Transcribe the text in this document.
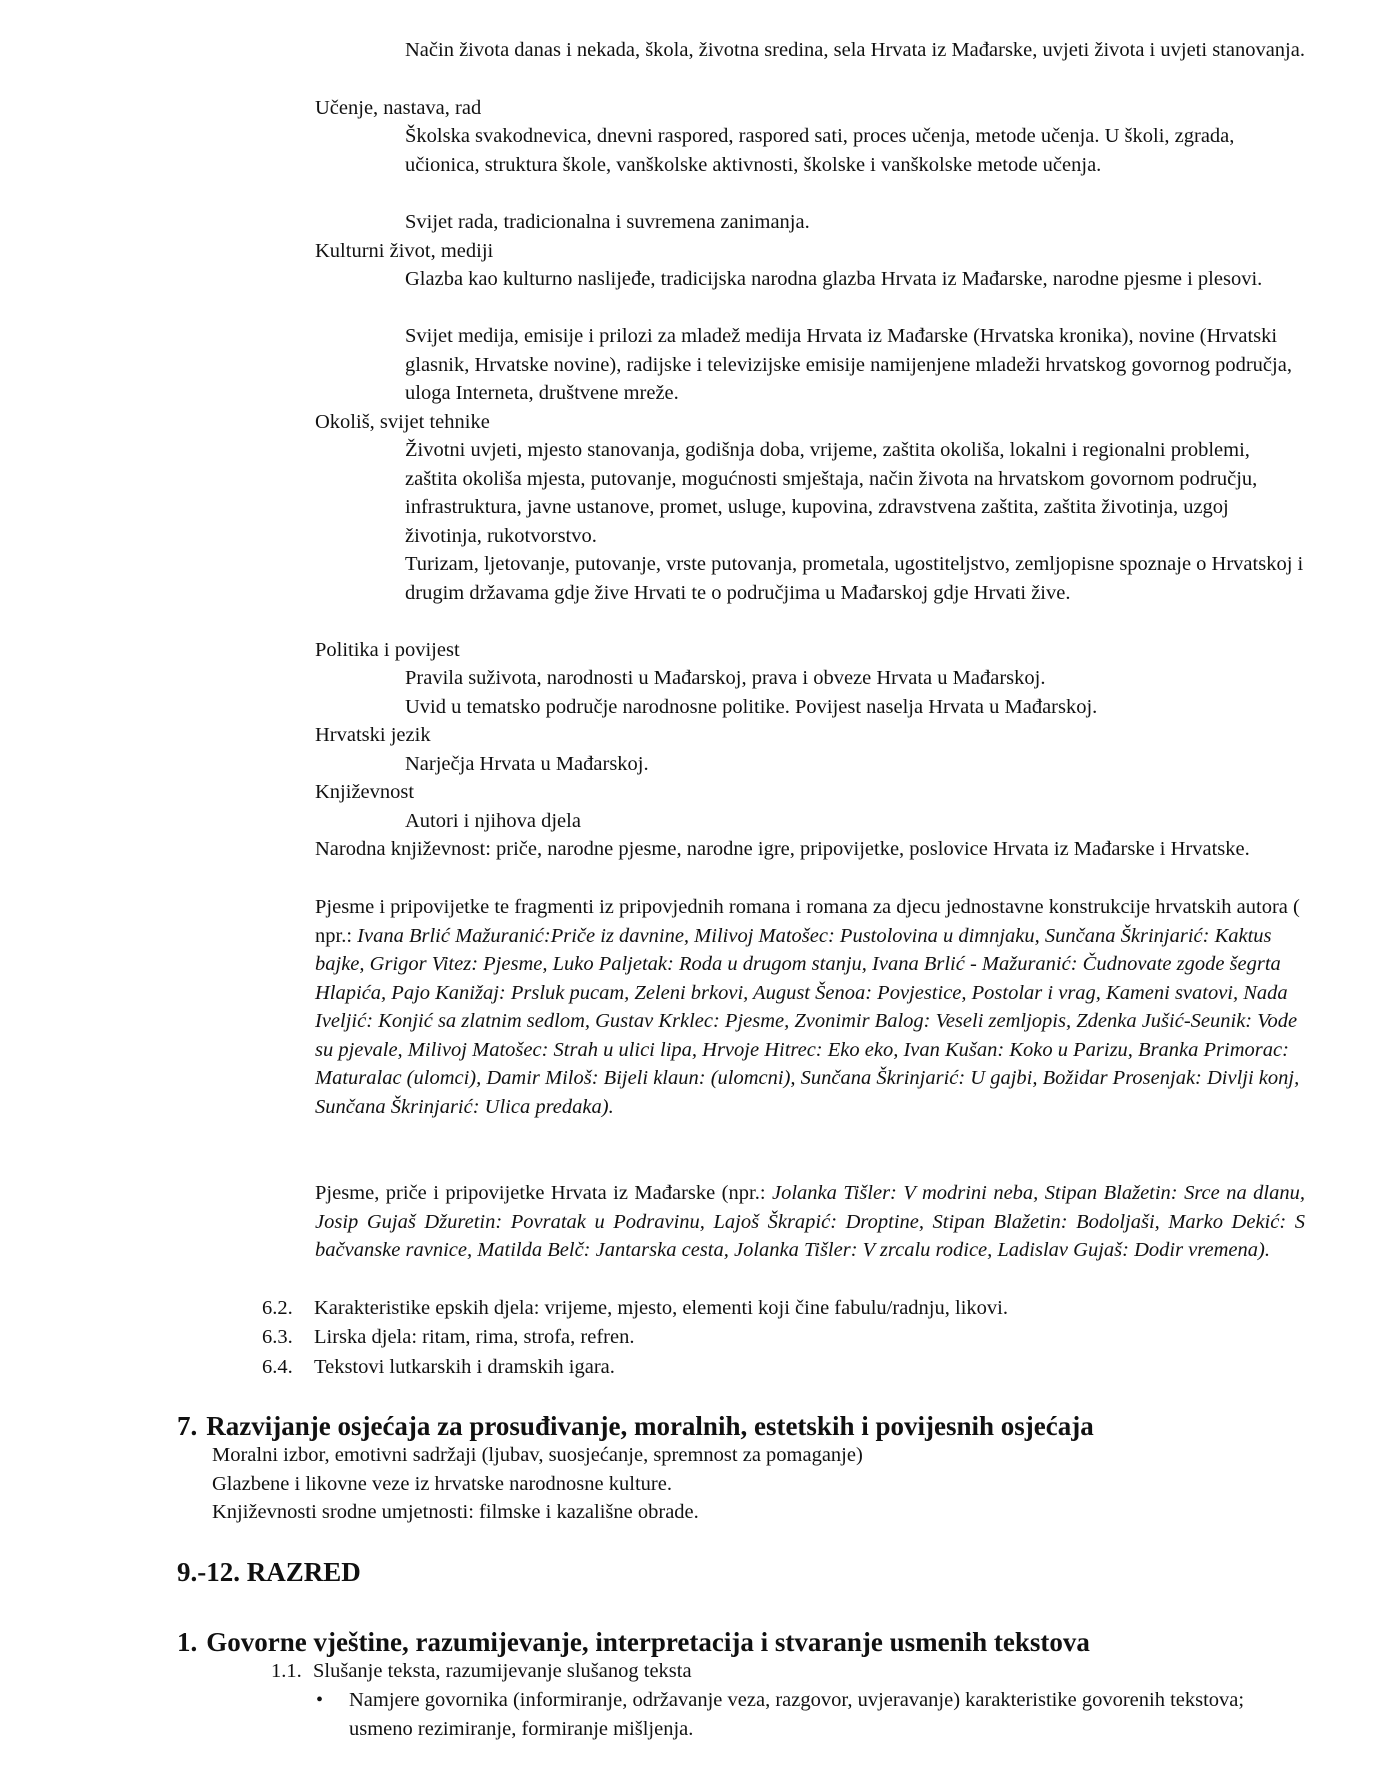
Način života danas i nekada, škola, životna sredina, sela Hrvata iz Mađarske, uvjeti života i uvjeti stanovanja.

Učenje, nastava, rad

Školska svakodnevica, dnevni raspored, raspored sati, proces učenja, metode učenja. U školi, zgrada, učionica, struktura škole, vanškolske aktivnosti, školske i vanškolske metode učenja.

Svijet rada, tradicionalna i suvremena zanimanja.

Kulturni život, mediji

Glazba kao kulturno naslijeđe, tradicijska narodna glazba Hrvata iz Mađarske, narodne pjesme i plesovi.

Svijet medija, emisije i prilozi za mladež medija Hrvata iz Mađarske (Hrvatska kronika), novine (Hrvatski glasnik, Hrvatske novine), radijske i televizijske emisije namijenjene mladeži hrvatskog govornog područja, uloga Interneta, društvene mreže.

Okoliš, svijet tehnike

Životni uvjeti, mjesto stanovanja, godišnja doba, vrijeme, zaštita okoliša, lokalni i regionalni problemi, zaštita okoliša mjesta, putovanje, mogućnosti smještaja, način života na hrvatskom govornom području, infrastruktura, javne ustanove, promet, usluge, kupovina, zdravstvena zaštita, zaštita životinja, uzgoj životinja, rukotvorstvo.

Turizam, ljetovanje, putovanje, vrste putovanja, prometala, ugostiteljstvo, zemljopisne spoznaje o Hrvatskoj i drugim državama gdje žive Hrvati te o područjima u Mađarskoj gdje Hrvati žive.

Politika i povijest

Pravila suživota, narodnosti u Mađarskoj, prava i obveze Hrvata u Mađarskoj.

Uvid u tematsko područje narodnosne politike. Povijest naselja Hrvata u Mađarskoj.

Hrvatski jezik

Narječja Hrvata u Mađarskoj.

Književnost

Autori i njihova djela

Narodna književnost: priče, narodne pjesme, narodne igre, pripovijetke, poslovice Hrvata iz Mađarske i Hrvatske.

Pjesme i pripovijetke te fragmenti iz pripovjednih romana i romana za djecu jednostavne konstrukcije hrvatskih autora ( npr.: Ivana Brlić Mažuranić:Priče iz davnine, Milivoj Matošec: Pustolovina u dimnjaku, Sunčana Škrinjarić: Kaktus bajke, Grigor Vitez: Pjesme, Luko Paljetak: Roda u drugom stanju, Ivana Brlić - Mažuranić: Čudnovate zgode šegrta Hlapića, Pajo Kanižaj: Prsluk pucam, Zeleni brkovi, August Šenoa: Povjestice, Postolar i vrag, Kameni svatovi, Nada Iveljić: Konjić sa zlatnim sedlom, Gustav Krklec: Pjesme, Zvonimir Balog: Veseli zemljopis, Zdenka Jušić-Seunik: Vode su pjevale, Milivoj Matošec: Strah u ulici lipa, Hrvoje Hitrec: Eko eko, Ivan Kušan: Koko u Parizu, Branka Primorac: Maturalac (ulomci), Damir Miloš: Bijeli klaun: (ulomcni), Sunčana Škrinjarić: U gajbi, Božidar Prosenjak: Divlji konj, Sunčana Škrinjarić: Ulica predaka).

Pjesme, priče i pripovijetke Hrvata iz Mađarske (npr.: Jolanka Tišler: V modrini neba, Stipan Blažetin: Srce na dlanu, Josip Gujaš Džuretin: Povratak u Podravinu, Lajoš Škrapić: Droptine, Stipan Blažetin: Bodoljaši, Marko Dekić: S bačvanske ravnice, Matilda Belč: Jantarska cesta, Jolanka Tišler: V zrcalu rodice, Ladislav Gujaš: Dodir vremena).

6.2. Karakteristike epskih djela: vrijeme, mjesto, elementi koji čine fabulu/radnju, likovi.

6.3. Lirska djela: ritam, rima, strofa, refren.

6.4. Tekstovi lutkarskih i dramskih igara.

7. Razvijanje osjećaja za prosuđivanje, moralnih, estetskih i povijesnih osjećaja

Moralni izbor, emotivni sadržaji (ljubav, suosjećanje, spremnost za pomaganje)

Glazbene i likovne veze iz hrvatske narodnosne kulture.

Književnosti srodne umjetnosti: filmske i kazališne obrade.

9.-12. RAZRED
1. Govorne vještine, razumijevanje, interpretacija i stvaranje usmenih tekstova

1.1. Slušanje teksta, razumijevanje slušanog teksta

• Namjere govornika (informiranje, održavanje veza, razgovor, uvjeravanje) karakteristike govorenih tekstova; usmeno rezimiranje, formiranje mišljenja.
